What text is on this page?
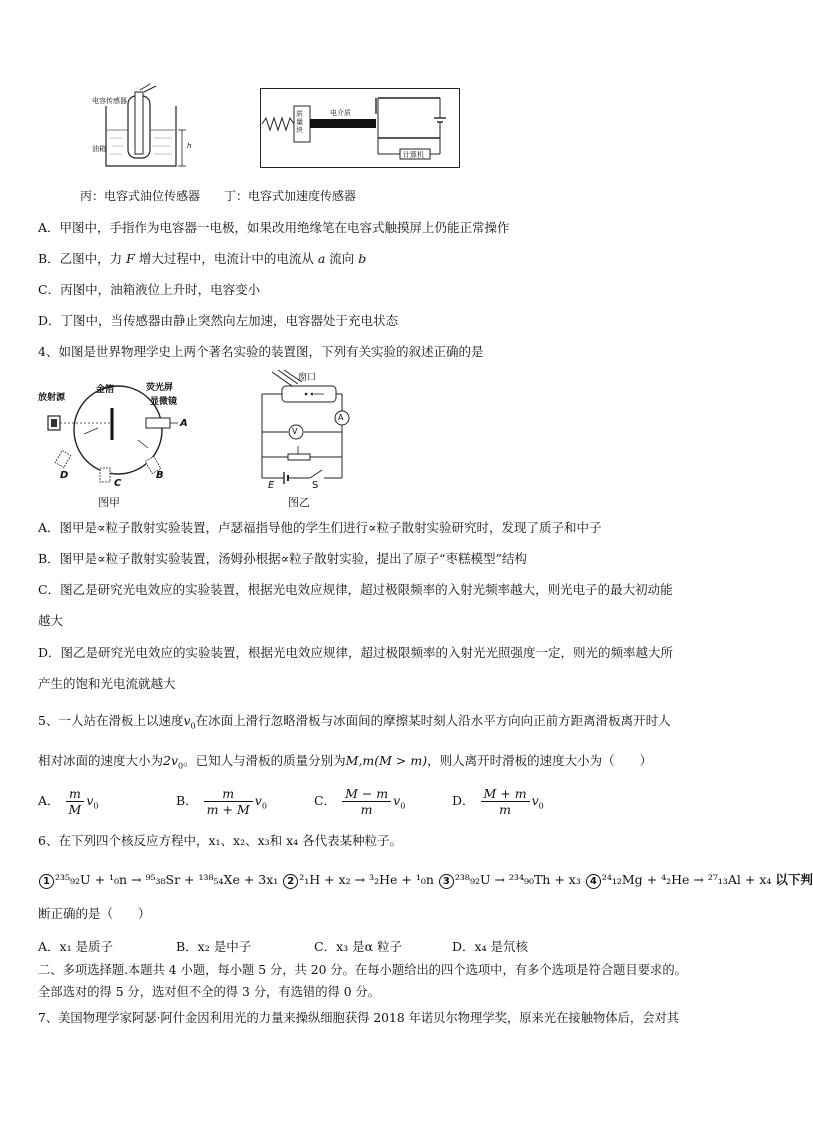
电容传感器
油箱	h
质
量
块
电介质
计算机
丙：电容式油位传感器　　丁：电容式加速度传感器
A．甲图中，手指作为电容器一电极，如果改用绝缘笔在电容式触摸屏上仍能正常操作
B．乙图中，力 F 增大过程中，电流计中的电流从 a 流向 b
C．丙图中，油箱液位上升时，电容变小
D．丁图中，当传感器由静止突然向左加速，电容器处于充电状态
4、如图是世界物理学史上两个著名实验的装置图，下列有关实验的叙述正确的是
放射源
金箔	荧光屏
显微镜
A
B
C
D
图甲
窗口
A
V
E	S
图乙
A．图甲是∝粒子散射实验装置，卢瑟福指导他的学生们进行∝粒子散射实验研究时，发现了质子和中子
B．图甲是∝粒子散射实验装置，汤姆孙根据∝粒子散射实验，提出了原子“枣糕模型”结构
C．图乙是研究光电效应的实验装置，根据光电效应规律，超过极限频率的入射光频率越大，则光电子的最大初动能
越大
D．图乙是研究光电效应的实验装置，根据光电效应规律，超过极限频率的入射光光照强度一定，则光的频率越大所
产生的饱和光电流就越大
5、一人站在滑板上以速度$v_0$在冰面上滑行忽略滑板与冰面间的摩擦某时刻人沿水平方向向正前方距离滑板离开时人
相对冰面的速度大小为$2v_0$。已知人与滑板的质量分别为M,m(M > m)，则人离开时滑板的速度大小为（　　）
A． $\frac{m}{M} v_0$	B． $\frac{m}{m + M} v_0$	C． $\frac{M - m}{m} v_0$	D． $\frac{M + m}{m} v_0$
6、在下列四个核反应方程中，x₁、x₂、x₃和 x₄ 各代表某种粒子。
1 ²³⁵₉₂U + ¹₀n → ⁹⁵₃₈Sr + ¹³⁸₅₄Xe + 3x₁ 2 ²₁H + x₂ → ³₂He + ¹₀n 3 ²³⁸₉₂U → ²³⁴₉₀Th + x₃ 4 ²⁴₁₂Mg + ⁴₂He → ²⁷₁₃Al + x₄ 以下判
断正确的是（　　）
A．x₁ 是质子	B．x₂ 是中子	C．x₃ 是α 粒子	D．x₄ 是氘核
二、多项选择题.本题共 4 小题，每小题 5 分，共 20 分。在每小题给出的四个选项中，有多个选项是符合题目要求的。
全部选对的得 5 分，选对但不全的得 3 分，有选错的得 0 分。
7、美国物理学家阿瑟·阿什金因利用光的力量来操纵细胞获得 2018 年诺贝尔物理学奖，原来光在接触物体后，会对其
